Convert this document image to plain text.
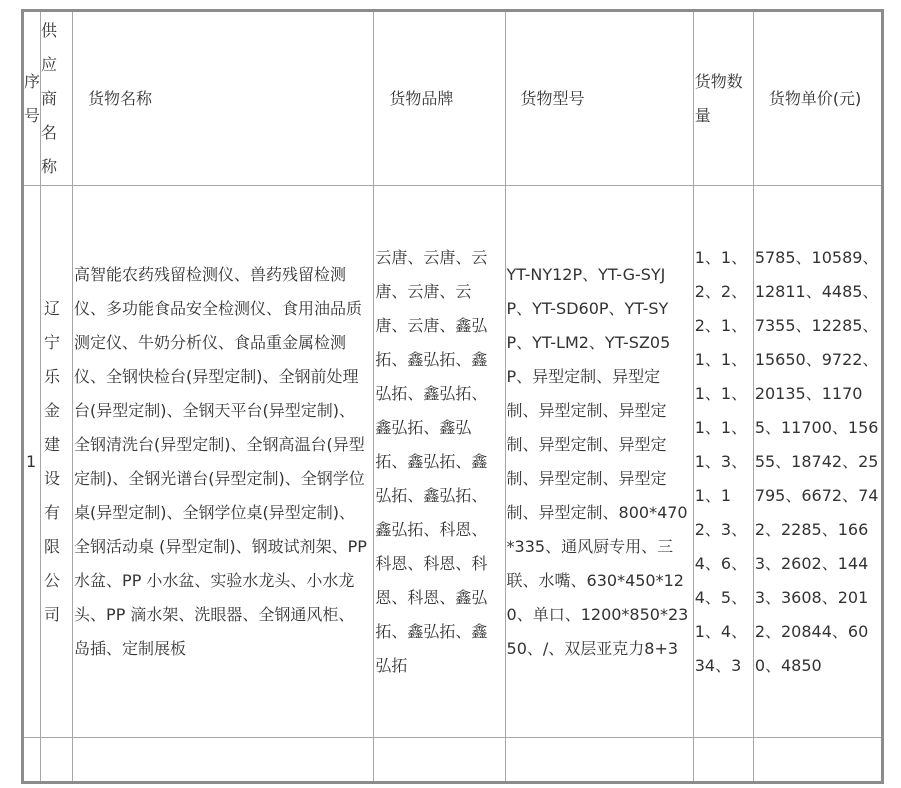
序号	供应商名称	货物名称	货物品牌	货物型号	货物数量	货物单价(元)
1	辽宁乐金建设有限公司	高智能农药残留检测仪、兽药残留检测仪、多功能食品安全检测仪、食用油品质测定仪、牛奶分析仪、食品重金属检测仪、全钢快检台(异型定制)、全钢前处理台(异型定制)、全钢天平台(异型定制)、全钢清洗台(异型定制)、全钢高温台(异型定制)、全钢光谱台(异型定制)、全钢学位桌(异型定制)、全钢学位桌(异型定制)、全钢活动桌 (异型定制)、钢玻试剂架、PP 水盆、PP 小水盆、实验水龙头、小水龙头、PP 滴水架、洗眼器、全钢通风柜、岛插、定制展板	云唐、云唐、云唐、云唐、云唐、云唐、鑫弘拓、鑫弘拓、鑫弘拓、鑫弘拓、鑫弘拓、鑫弘拓、鑫弘拓、鑫弘拓、鑫弘拓、鑫弘拓、科恩、科恩、科恩、科恩、科恩、鑫弘拓、鑫弘拓、鑫弘拓	YT-NY12P、YT-G-SYJP、YT-SD60P、YT-SYP、YT-LM2、YT-SZ05P、异型定制、异型定制、异型定制、异型定制、异型定制、异型定制、异型定制、异型定制、异型定制、800*470*335、通风厨专用、三联、水嘴、630*450*120、单口、1200*850*2350、/、双层亚克力8+3	1、1、2、2、2、1、1、1、1、1、1、1、1、3、1、12、3、4、6、4、5、1、4、34、3	5785、10589、12811、4485、7355、12285、15650、9722、20135、11705、11700、15655、18742、25795、6672、742、2285、1663、2602、1443、3608、2012、20844、600、4850
